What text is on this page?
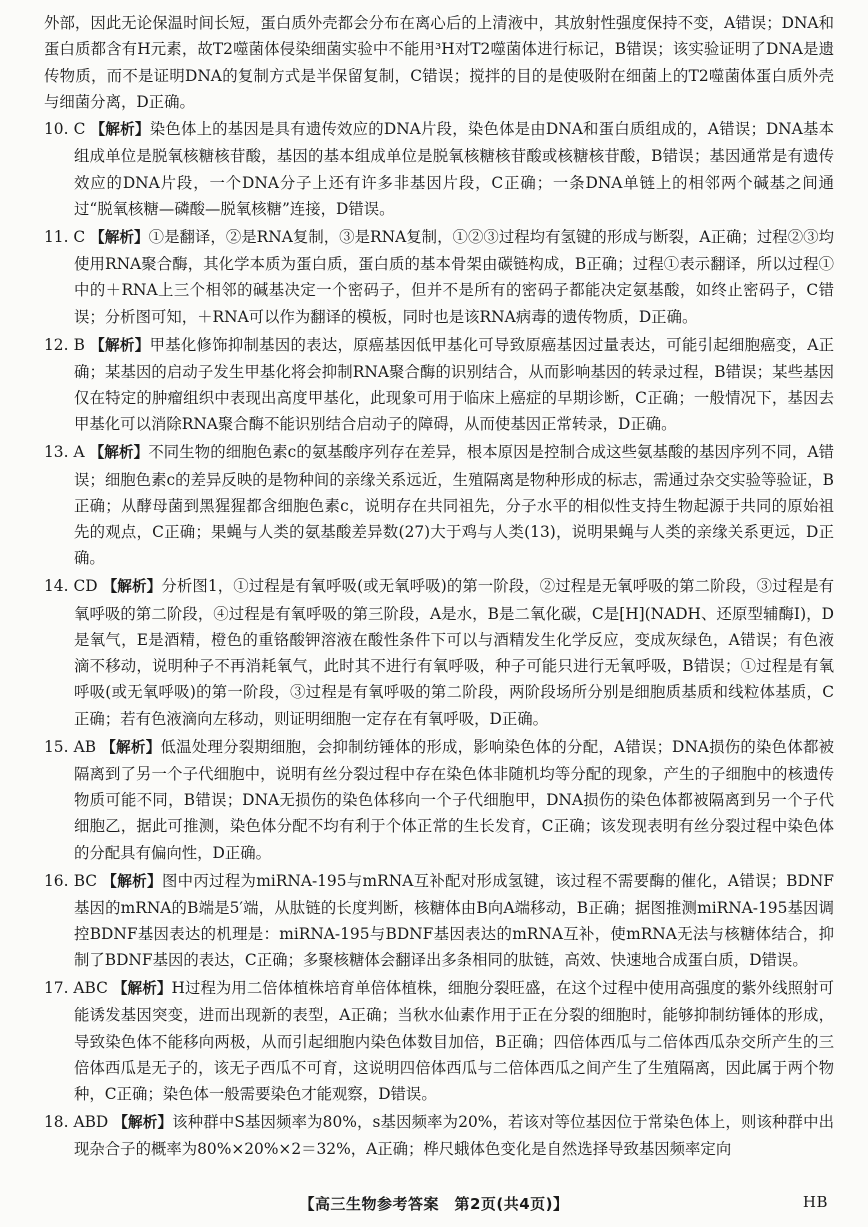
外部，因此无论保温时间长短，蛋白质外壳都会分布在离心后的上清液中，其放射性强度保持不变，A错误；DNA和蛋白质都含有H元素，故T2噬菌体侵染细菌实验中不能用³H对T2噬菌体进行标记，B错误；该实验证明了DNA是遗传物质，而不是证明DNA的复制方式是半保留复制，C错误；搅拌的目的是使吸附在细菌上的T2噬菌体蛋白质外壳与细菌分离，D正确。

10. C 【解析】染色体上的基因是具有遗传效应的DNA片段，染色体是由DNA和蛋白质组成的，A错误；DNA基本组成单位是脱氧核糖核苷酸，基因的基本组成单位是脱氧核糖核苷酸或核糖核苷酸，B错误；基因通常是有遗传效应的DNA片段，一个DNA分子上还有许多非基因片段，C正确；一条DNA单链上的相邻两个碱基之间通过“脱氧核糖—磷酸—脱氧核糖”连接，D错误。

11. C 【解析】①是翻译，②是RNA复制，③是RNA复制，①②③过程均有氢键的形成与断裂，A正确；过程②③均使用RNA聚合酶，其化学本质为蛋白质，蛋白质的基本骨架由碳链构成，B正确；过程①表示翻译，所以过程①中的＋RNA上三个相邻的碱基决定一个密码子，但并不是所有的密码子都能决定氨基酸，如终止密码子，C错误；分析图可知，＋RNA可以作为翻译的模板，同时也是该RNA病毒的遗传物质，D正确。

12. B 【解析】甲基化修饰抑制基因的表达，原癌基因低甲基化可导致原癌基因过量表达，可能引起细胞癌变，A正确；某基因的启动子发生甲基化将会抑制RNA聚合酶的识别结合，从而影响基因的转录过程，B错误；某些基因仅在特定的肿瘤组织中表现出高度甲基化，此现象可用于临床上癌症的早期诊断，C正确；一般情况下，基因去甲基化可以消除RNA聚合酶不能识别结合启动子的障碍，从而使基因正常转录，D正确。

13. A 【解析】不同生物的细胞色素c的氨基酸序列存在差异，根本原因是控制合成这些氨基酸的基因序列不同，A错误；细胞色素c的差异反映的是物种间的亲缘关系远近，生殖隔离是物种形成的标志，需通过杂交实验等验证，B正确；从酵母菌到黑猩猩都含细胞色素c，说明存在共同祖先，分子水平的相似性支持生物起源于共同的原始祖先的观点，C正确；果蝇与人类的氨基酸差异数(27)大于鸡与人类(13)，说明果蝇与人类的亲缘关系更远，D正确。

14. CD 【解析】分析图1，①过程是有氧呼吸(或无氧呼吸)的第一阶段，②过程是无氧呼吸的第二阶段，③过程是有氧呼吸的第二阶段，④过程是有氧呼吸的第三阶段，A是水，B是二氧化碳，C是[H](NADH、还原型辅酶Ⅰ)，D是氧气，E是酒精，橙色的重铬酸钾溶液在酸性条件下可以与酒精发生化学反应，变成灰绿色，A错误；有色液滴不移动，说明种子不再消耗氧气，此时其不进行有氧呼吸，种子可能只进行无氧呼吸，B错误；①过程是有氧呼吸(或无氧呼吸)的第一阶段，③过程是有氧呼吸的第二阶段，两阶段场所分别是细胞质基质和线粒体基质，C正确；若有色液滴向左移动，则证明细胞一定存在有氧呼吸，D正确。

15. AB 【解析】低温处理分裂期细胞，会抑制纺锤体的形成，影响染色体的分配，A错误；DNA损伤的染色体都被隔离到了另一个子代细胞中，说明有丝分裂过程中存在染色体非随机均等分配的现象，产生的子细胞中的核遗传物质可能不同，B错误；DNA无损伤的染色体移向一个子代细胞甲，DNA损伤的染色体都被隔离到另一个子代细胞乙，据此可推测，染色体分配不均有利于个体正常的生长发育，C正确；该发现表明有丝分裂过程中染色体的分配具有偏向性，D正确。

16. BC 【解析】图中丙过程为miRNA-195与mRNA互补配对形成氢键，该过程不需要酶的催化，A错误；BDNF基因的mRNA的B端是5′端，从肽链的长度判断，核糖体由B向A端移动，B正确；据图推测miRNA-195基因调控BDNF基因表达的机理是：miRNA-195与BDNF基因表达的mRNA互补，使mRNA无法与核糖体结合，抑制了BDNF基因的表达，C正确；多聚核糖体会翻译出多条相同的肽链，高效、快速地合成蛋白质，D错误。

17. ABC 【解析】H过程为用二倍体植株培育单倍体植株，细胞分裂旺盛，在这个过程中使用高强度的紫外线照射可能诱发基因突变，进而出现新的表型，A正确；当秋水仙素作用于正在分裂的细胞时，能够抑制纺锤体的形成，导致染色体不能移向两极，从而引起细胞内染色体数目加倍，B正确；四倍体西瓜与二倍体西瓜杂交所产生的三倍体西瓜是无子的，该无子西瓜不可育，这说明四倍体西瓜与二倍体西瓜之间产生了生殖隔离，因此属于两个物种，C正确；染色体一般需要染色才能观察，D错误。

18. ABD 【解析】该种群中S基因频率为80%，s基因频率为20%，若该对等位基因位于常染色体上，则该种群中出现杂合子的概率为80%×20%×2＝32%，A正确；桦尺蛾体色变化是自然选择导致基因频率定向

【高三生物参考答案　第2页(共4页)】	HB
